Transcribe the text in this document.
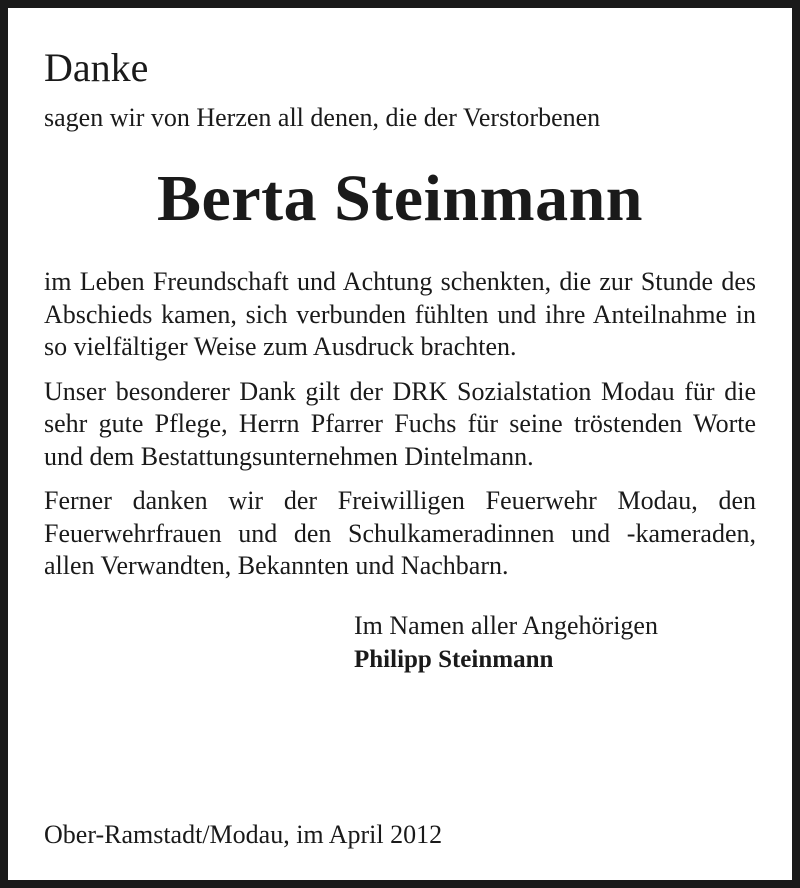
Danke

sagen wir von Herzen all denen, die der Verstorbenen

Berta Steinmann

im Leben Freundschaft und Achtung schenkten, die zur Stunde des Abschieds kamen, sich verbunden fühlten und ihre Anteilnahme in so vielfältiger Weise zum Ausdruck brachten.

Unser besonderer Dank gilt der DRK Sozialstation Modau für die sehr gute Pflege, Herrn Pfarrer Fuchs für seine tröstenden Worte und dem Bestattungsunternehmen Dintelmann.

Ferner danken wir der Freiwilligen Feuerwehr Modau, den Feuerwehrfrauen und den Schulkameradinnen und -kameraden, allen Verwandten, Bekannten und Nachbarn.

Im Namen aller Angehörigen
Philipp Steinmann

Ober-Ramstadt/Modau, im April 2012
